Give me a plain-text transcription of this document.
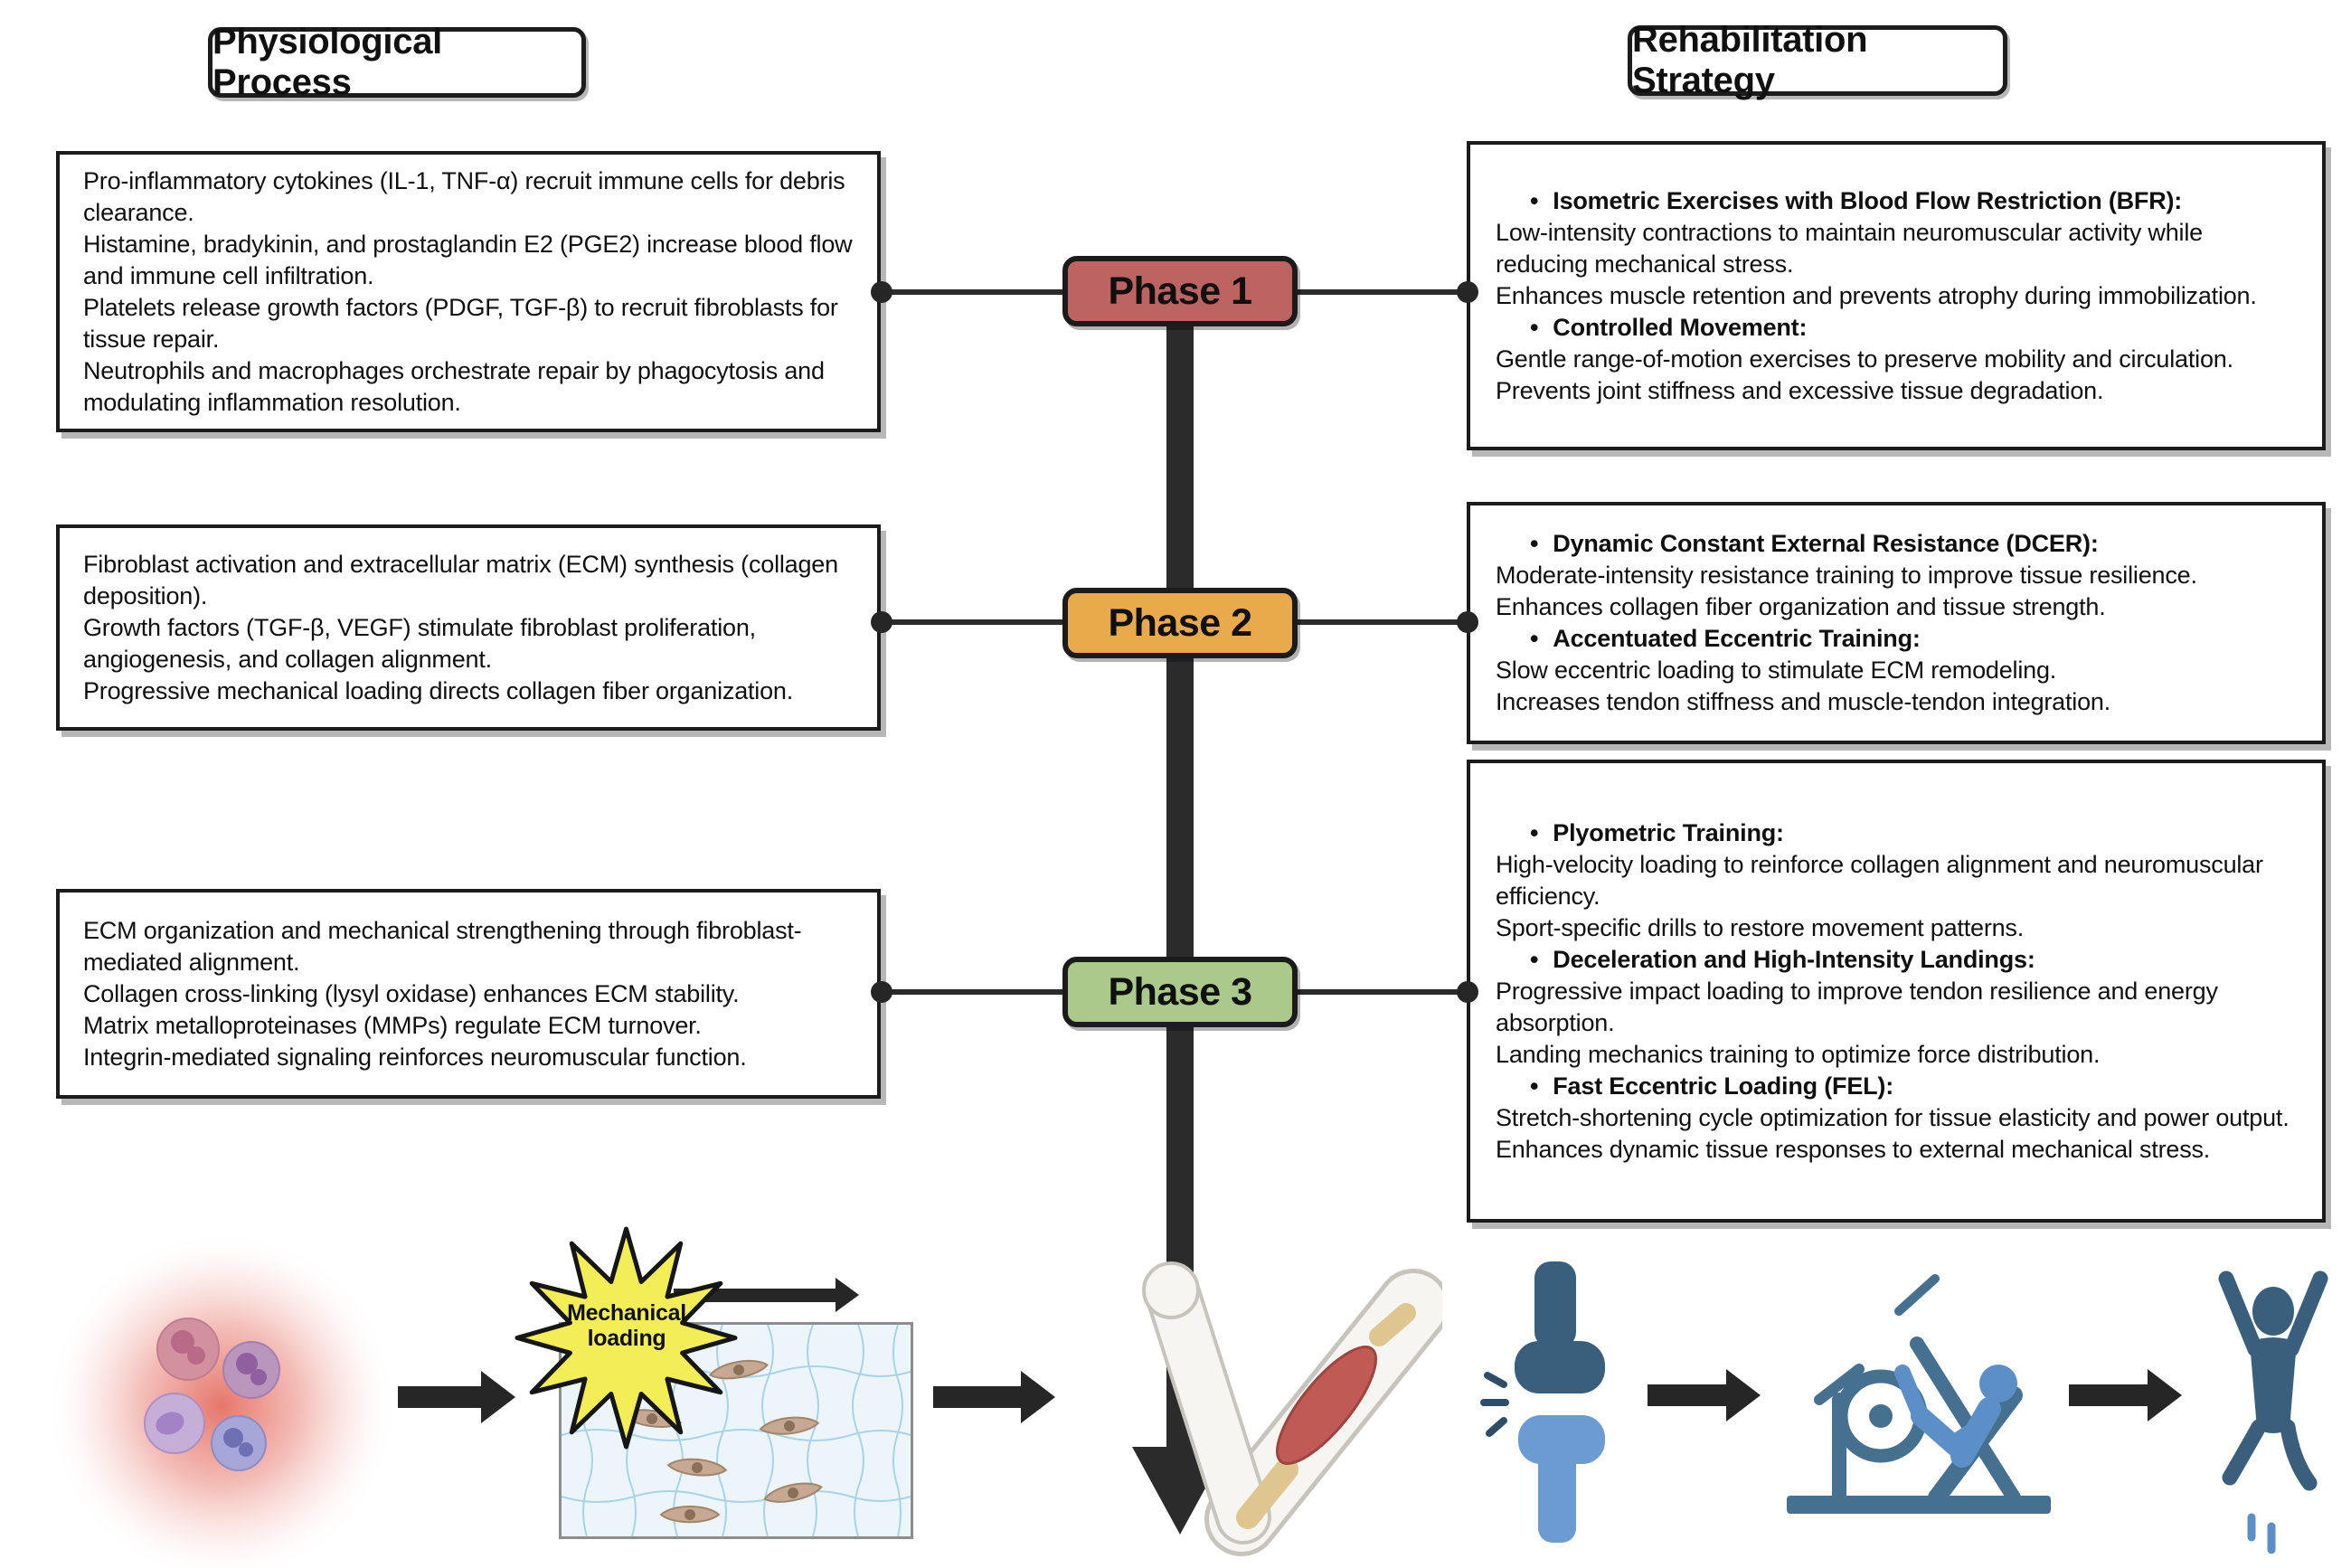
Physiological Process
Rehabilitation Strategy
Phase 1
Phase 2
Phase 3
Pro-inflammatory cytokines (IL-1, TNF-α) recruit immune cells for debris clearance.
Histamine, bradykinin, and prostaglandin E2 (PGE2) increase blood flow and immune cell infiltration.
Platelets release growth factors (PDGF, TGF-β) to recruit fibroblasts for tissue repair.
Neutrophils and macrophages orchestrate repair by phagocytosis and modulating inflammation resolution.
Fibroblast activation and extracellular matrix (ECM) synthesis (collagen deposition).
Growth factors (TGF-β, VEGF) stimulate fibroblast proliferation, angiogenesis, and collagen alignment.
Progressive mechanical loading directs collagen fiber organization.
ECM organization and mechanical strengthening through fibroblast-mediated alignment.
Collagen cross-linking (lysyl oxidase) enhances ECM stability.
Matrix metalloproteinases (MMPs) regulate ECM turnover.
Integrin-mediated signaling reinforces neuromuscular function.
• Isometric Exercises with Blood Flow Restriction (BFR):
Low-intensity contractions to maintain neuromuscular activity while reducing mechanical stress.
Enhances muscle retention and prevents atrophy during immobilization.
• Controlled Movement:
Gentle range-of-motion exercises to preserve mobility and circulation.
Prevents joint stiffness and excessive tissue degradation.
• Dynamic Constant External Resistance (DCER):
Moderate-intensity resistance training to improve tissue resilience.
Enhances collagen fiber organization and tissue strength.
• Accentuated Eccentric Training:
Slow eccentric loading to stimulate ECM remodeling.
Increases tendon stiffness and muscle-tendon integration.
• Plyometric Training:
High-velocity loading to reinforce collagen alignment and neuromuscular efficiency.
Sport-specific drills to restore movement patterns.
• Deceleration and High-Intensity Landings:
Progressive impact loading to improve tendon resilience and energy absorption.
Landing mechanics training to optimize force distribution.
• Fast Eccentric Loading (FEL):
Stretch-shortening cycle optimization for tissue elasticity and power output.
Enhances dynamic tissue responses to external mechanical stress.
Mechanical loading
